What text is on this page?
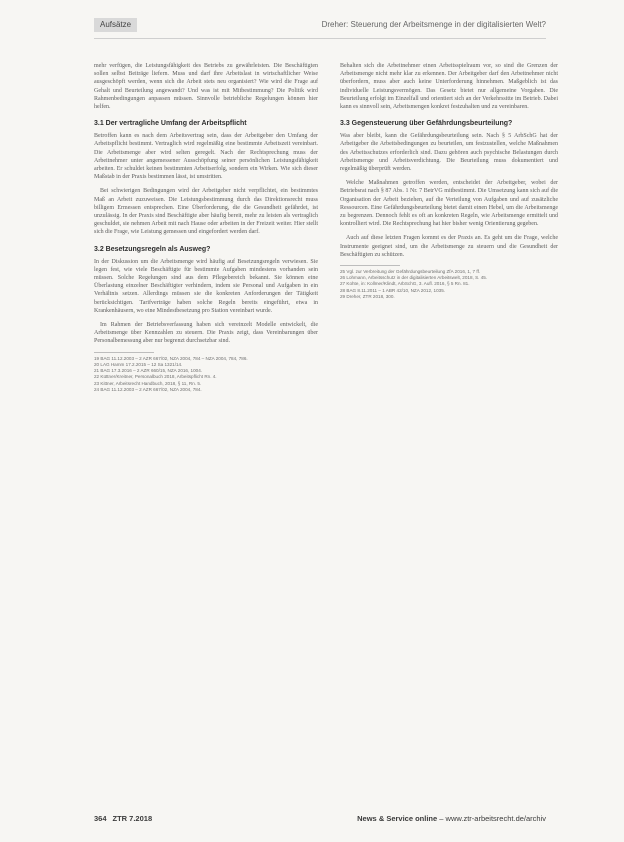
Aufsätze	Dreher: Steuerung der Arbeitsmenge in der digitalisierten Welt?

mehr verfügen, die Leistungsfähigkeit des Betriebs zu gewährleisten. Die Beschäftigten sollen selbst Beiträge liefern. Muss und darf ihre Arbeitslast in wirtschaftlicher Weise ausgeschöpft werden, wenn sich die Arbeit stets neu organisiert? Wie wird die Frage auf Gehalt und Beurteilung angewandt? Und was ist mit Mitbestimmung? Die Politik wird Rahmenbedingungen anpassen müssen. Sinnvolle betriebliche Regelungen können hier helfen.

3.1 Der vertragliche Umfang der Arbeitspflicht

Betroffen kann es nach dem Arbeitsvertrag sein, dass der Arbeitgeber den Umfang der Arbeitspflicht bestimmt. Vertraglich wird regelmäßig eine bestimmte Arbeitszeit vereinbart. Die Arbeitsmenge aber wird selten geregelt. Nach der Rechtsprechung muss der Arbeitnehmer unter angemessener Ausschöpfung seiner persönlichen Leistungsfähigkeit arbeiten. Er schuldet keinen bestimmten Arbeitserfolg, sondern ein Wirken. Wie sich dieser Maßstab in der Praxis bestimmen lässt, ist umstritten.

Bei schwierigen Bedingungen wird der Arbeitgeber nicht verpflichtet, ein bestimmtes Maß an Arbeit zuzuweisen. Die Leistungsbestimmung durch das Direktionsrecht muss billigem Ermessen entsprechen. Eine Überforderung, die die Gesundheit gefährdet, ist unzulässig. In der Praxis sind Beschäftigte aber häufig bereit, mehr zu leisten als vertraglich geschuldet, sie nehmen Arbeit mit nach Hause oder arbeiten in der Freizeit weiter. Hier stellt sich die Frage, wie Leistung gemessen und eingefordert werden darf.

3.2 Besetzungsregeln als Ausweg?

In der Diskussion um die Arbeitsmenge wird häufig auf Besetzungsregeln verwiesen. Sie legen fest, wie viele Beschäftigte für bestimmte Aufgaben mindestens vorhanden sein müssen. Solche Regelungen sind aus dem Pflegebereich bekannt. Sie können eine Überlastung einzelner Beschäftigter verhindern, indem sie Personal und Aufgaben in ein Verhältnis setzen. Allerdings müssen sie die konkreten Anforderungen der Tätigkeit berücksichtigen. Tarifverträge haben solche Regeln bereits eingeführt, etwa in Krankenhäusern, wo eine Mindestbesetzung pro Station vereinbart wurde.

Im Rahmen der Betriebsverfassung haben sich vereinzelt Modelle entwickelt, die Arbeitsmenge über Kennzahlen zu steuern. Die Praxis zeigt, dass Vereinbarungen über Personalbemessung aber nur begrenzt durchsetzbar sind.

19 BAG 11.12.2003 – 2 AZR 667/02, NZA 2004, 784 – NZA 2004, 784, 786.

20 LAG Hamm 17.2.2015 – 12 Sa 1321/14.

21 BAG 17.3.2016 – 2 AZR 660/15, NZA 2016, 1004.

22 Küttner/Kreitner, Personalbuch 2018, Arbeitspflicht Rn. 4.

23 Kittner, Arbeitsrecht Handbuch, 2018, § 11, Rn. 5.

24 BAG 11.12.2003 – 2 AZR 667/02, NZA 2004, 784.

Behalten sich die Arbeitnehmer einen Arbeitsspielraum vor, so sind die Grenzen der Arbeitsmenge nicht mehr klar zu erkennen. Der Arbeitgeber darf den Arbeitnehmer nicht überfordern, muss aber auch keine Unterforderung hinnehmen. Maßgeblich ist das individuelle Leistungsvermögen. Das Gesetz bietet nur allgemeine Vorgaben. Die Beurteilung erfolgt im Einzelfall und orientiert sich an der Verkehrssitte im Betrieb. Dabei kann es sinnvoll sein, Arbeitsmengen konkret festzuhalten und zu vereinbaren.

3.3 Gegensteuerung über Gefährdungsbeurteilung?

Was aber bleibt, kann die Gefährdungsbeurteilung sein. Nach § 5 ArbSchG hat der Arbeitgeber die Arbeitsbedingungen zu beurteilen, um festzustellen, welche Maßnahmen des Arbeitsschutzes erforderlich sind. Dazu gehören auch psychische Belastungen durch Arbeitsmenge und Arbeitsverdichtung. Die Beurteilung muss dokumentiert und regelmäßig überprüft werden.

Welche Maßnahmen getroffen werden, entscheidet der Arbeitgeber, wobei der Betriebsrat nach § 87 Abs. 1 Nr. 7 BetrVG mitbestimmt. Die Umsetzung kann sich auf die Organisation der Arbeit beziehen, auf die Verteilung von Aufgaben und auf zusätzliche Ressourcen. Eine Gefährdungsbeurteilung bietet damit einen Hebel, um die Arbeitsmenge zu begrenzen. Dennoch fehlt es oft an konkreten Regeln, wie Arbeitsmenge ermittelt und kontrolliert wird. Die Rechtsprechung hat hier bisher wenig Orientierung gegeben.

Auch auf diese letzten Fragen kommt es der Praxis an. Es geht um die Frage, welche Instrumente geeignet sind, um die Arbeitsmenge zu steuern und die Gesundheit der Beschäftigten zu schützen.

25 Vgl. zur Verbreitung der Gefährdungsbeurteilung ZfA 2016, 1, 7 ff.

26 Lohmann, Arbeitsschutz in der digitalisierten Arbeitswelt, 2018, S. 45.

27 Kohte, in: Kollmer/Klindt, ArbSchG, 3. Aufl. 2016, § 5 Rn. 81.

28 BAG 8.11.2011 – 1 ABR 42/10, NZA 2012, 1035.

29 Dreher, ZTR 2018, 300.

364 ZTR 7.2018	News & Service online – www.ztr-arbeitsrecht.de/archiv
